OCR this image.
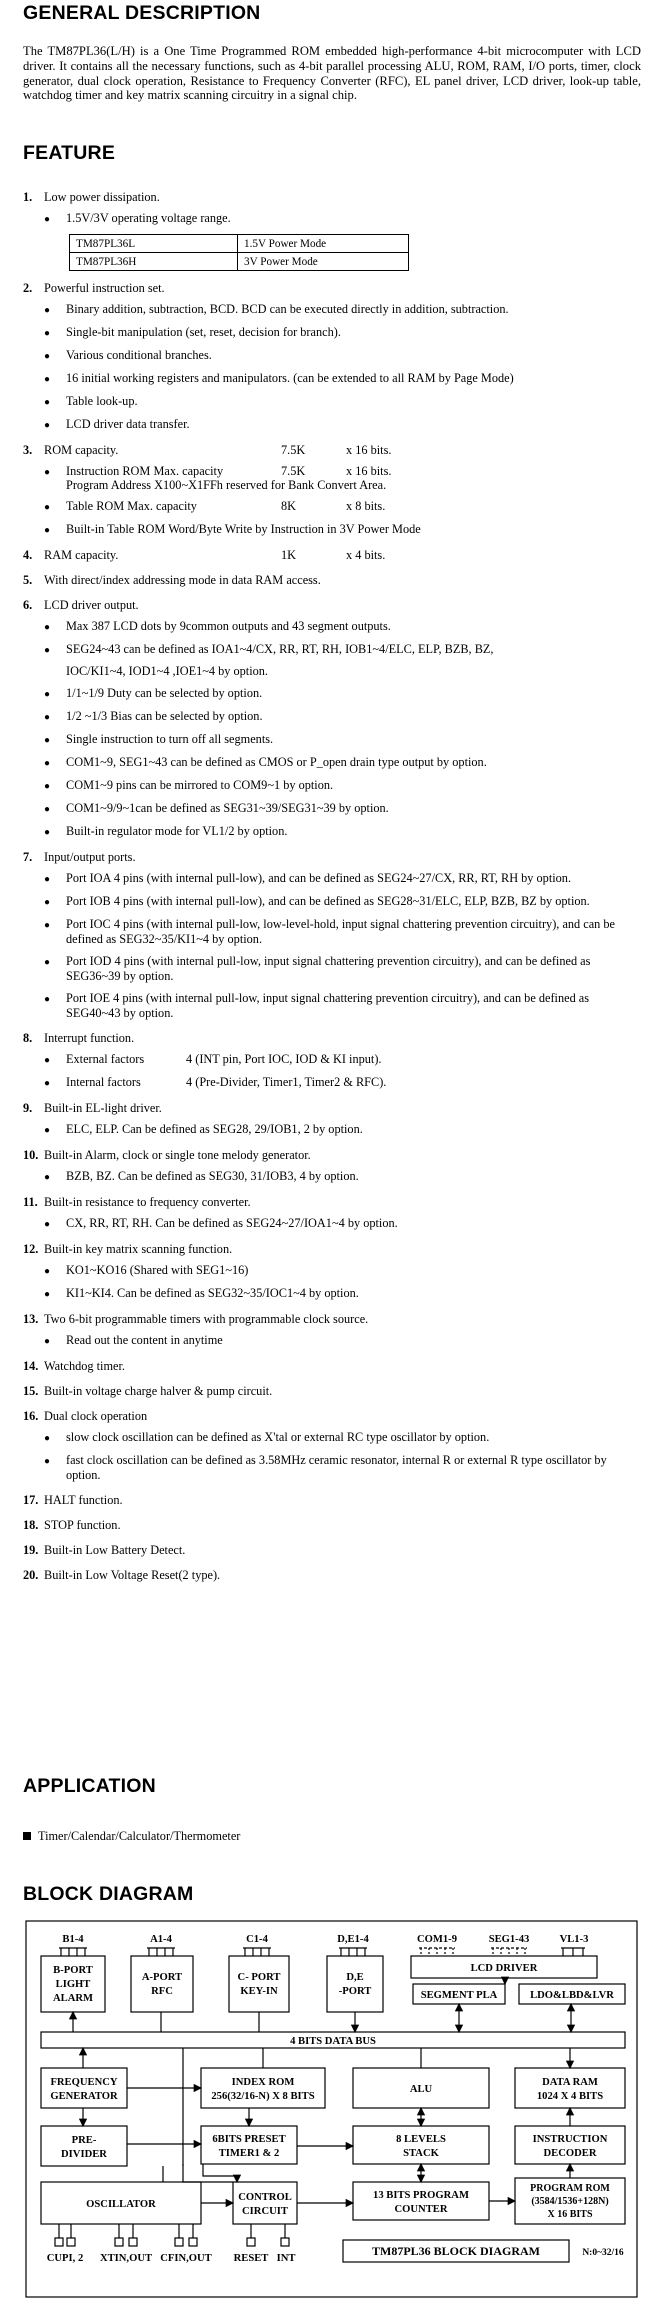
GENERAL DESCRIPTION

The TM87PL36(L/H) is a One Time Programmed ROM embedded high-performance 4-bit microcomputer with LCD driver. It contains all the necessary functions, such as 4-bit parallel processing ALU, ROM, RAM, I/O ports, timer, clock generator, dual clock operation, Resistance to Frequency Converter (RFC), EL panel driver, LCD driver, look-up table, watchdog timer and key matrix scanning circuitry in a signal chip.

FEATURE
1. Low power dissipation.
●	1.5V/3V operating voltage range.
TM87PL36L	1.5V Power Mode
TM87PL36H	3V Power Mode
2. Powerful instruction set.
●	Binary addition, subtraction, BCD. BCD can be executed directly in addition, subtraction.
●	Single-bit manipulation (set, reset, decision for branch).
●	Various conditional branches.
●	16 initial working registers and manipulators. (can be extended to all RAM by Page Mode)
●	Table look-up.
●	LCD driver data transfer.
3. ROM capacity.	7.5K	x 16 bits.
●	Instruction ROM Max. capacity	7.5K	x 16 bits.
Program Address X100~X1FFh reserved for Bank Convert Area.
●	Table ROM Max. capacity	8K	x 8 bits.
●	Built-in Table ROM Word/Byte Write by Instruction in 3V Power Mode
4. RAM capacity.	1K	x 4 bits.
5. With direct/index addressing mode in data RAM access.
6. LCD driver output.
●	Max 387 LCD dots by 9common outputs and 43 segment outputs.
●	SEG24~43 can be defined as IOA1~4/CX, RR, RT, RH, IOB1~4/ELC, ELP, BZB, BZ,
IOC/KI1~4, IOD1~4 ,IOE1~4 by option.
●	1/1~1/9 Duty can be selected by option.
●	1/2 ~1/3 Bias can be selected by option.
●	Single instruction to turn off all segments.
●	COM1~9, SEG1~43 can be defined as CMOS or P_open drain type output by option.
●	COM1~9 pins can be mirrored to COM9~1 by option.
●	COM1~9/9~1can be defined as SEG31~39/SEG31~39 by option.
●	Built-in regulator mode for VL1/2 by option.
7. Input/output ports.
●	Port IOA 4 pins (with internal pull-low), and can be defined as SEG24~27/CX, RR, RT, RH by option.
●	Port IOB 4 pins (with internal pull-low), and can be defined as SEG28~31/ELC, ELP, BZB, BZ by option.
●	Port IOC 4 pins (with internal pull-low, low-level-hold, input signal chattering prevention circuitry), and can be defined as SEG32~35/KI1~4 by option.
●	Port IOD 4 pins (with internal pull-low, input signal chattering prevention circuitry), and can be defined as SEG36~39 by option.
●	Port IOE 4 pins (with internal pull-low, input signal chattering prevention circuitry), and can be defined as SEG40~43 by option.
8. Interrupt function.
●	External factors	4 (INT pin, Port IOC, IOD & KI input).
●	Internal factors	4 (Pre-Divider, Timer1, Timer2 & RFC).
9. Built-in EL-light driver.
●	ELC, ELP. Can be defined as SEG28, 29/IOB1, 2 by option.
10. Built-in Alarm, clock or single tone melody generator.
●	BZB, BZ. Can be defined as SEG30, 31/IOB3, 4 by option.
11. Built-in resistance to frequency converter.
●	CX, RR, RT, RH. Can be defined as SEG24~27/IOA1~4 by option.
12. Built-in key matrix scanning function.
●	KO1~KO16 (Shared with SEG1~16)
●	KI1~KI4. Can be defined as SEG32~35/IOC1~4 by option.
13. Two 6-bit programmable timers with programmable clock source.
●	Read out the content in anytime
14. Watchdog timer.
15. Built-in voltage charge halver & pump circuit.
16. Dual clock operation
●	slow clock oscillation can be defined as X'tal or external RC type oscillator by option.
●	fast clock oscillation can be defined as 3.58MHz ceramic resonator, internal R or external R type oscillator by option.
17. HALT function.
18. STOP function.
19. Built-in Low Battery Detect.
20. Built-in Low Voltage Reset(2 type).
APPLICATION
Timer/Calendar/Calculator/Thermometer
BLOCK DIAGRAM
B1-4	A1-4	C1-4	D,E1-4	COM1-9	SEG1-43	VL1-3
B-PORT
LIGHT
ALARM
A-PORT
RFC
C- PORT
KEY-IN
D,E
-PORT
LCD DRIVER
SEGMENT PLA	LDO&LBD&LVR
4 BITS DATA BUS
FREQUENCY
GENERATOR
INDEX ROM
256(32/16-N) X 8 BITS
ALU
DATA RAM
1024 X 4 BITS
PRE-
DIVIDER
6BITS PRESET
TIMER1 & 2
8 LEVELS
STACK
INSTRUCTION
DECODER
OSCILLATOR
CONTROL
CIRCUIT
13 BITS PROGRAM
COUNTER
PROGRAM ROM
(3584/1536+128N)
X 16 BITS
CUPI, 2 XTIN,OUT CFIN,OUT RESET INT
TM87PL36 BLOCK DIAGRAM	N:0~32/16
